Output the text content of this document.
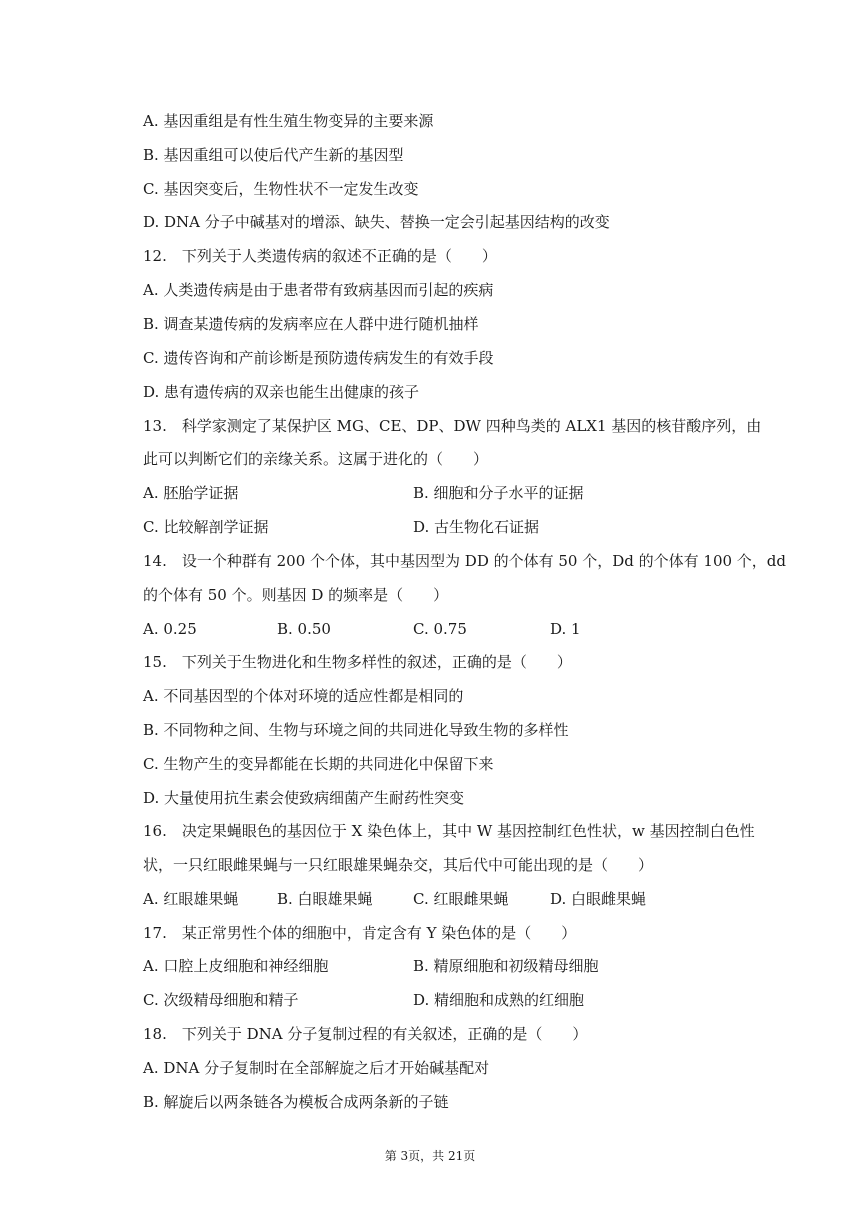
A. 基因重组是有性生殖生物变异的主要来源
B. 基因重组可以使后代产生新的基因型
C. 基因突变后，生物性状不一定发生改变
D. DNA 分子中碱基对的增添、缺失、替换一定会引起基因结构的改变
12.　下列关于人类遗传病的叙述不正确的是（　　）
A. 人类遗传病是由于患者带有致病基因而引起的疾病
B. 调查某遗传病的发病率应在人群中进行随机抽样
C. 遗传咨询和产前诊断是预防遗传病发生的有效手段
D. 患有遗传病的双亲也能生出健康的孩子
13.　科学家测定了某保护区 MG、CE、DP、DW 四种鸟类的 ALX1 基因的核苷酸序列，由
此可以判断它们的亲缘关系。这属于进化的（　　）
A. 胚胎学证据	B. 细胞和分子水平的证据
C. 比较解剖学证据	D. 古生物化石证据
14.　设一个种群有 200 个个体，其中基因型为 DD 的个体有 50 个，Dd 的个体有 100 个，dd
的个体有 50 个。则基因 D 的频率是（　　）
A. 0.25	B. 0.50	C. 0.75	D. 1
15.　下列关于生物进化和生物多样性的叙述，正确的是（　　）
A. 不同基因型的个体对环境的适应性都是相同的
B. 不同物种之间、生物与环境之间的共同进化导致生物的多样性
C. 生物产生的变异都能在长期的共同进化中保留下来
D. 大量使用抗生素会使致病细菌产生耐药性突变
16.　决定果蝇眼色的基因位于 X 染色体上，其中 W 基因控制红色性状，w 基因控制白色性
状，一只红眼雌果蝇与一只红眼雄果蝇杂交，其后代中可能出现的是（　　）
A. 红眼雄果蝇	B. 白眼雄果蝇	C. 红眼雌果蝇	D. 白眼雌果蝇
17.　某正常男性个体的细胞中，肯定含有 Y 染色体的是（　　）
A. 口腔上皮细胞和神经细胞	B. 精原细胞和初级精母细胞
C. 次级精母细胞和精子	D. 精细胞和成熟的红细胞
18.　下列关于 DNA 分子复制过程的有关叙述，正确的是（　　）
A. DNA 分子复制时在全部解旋之后才开始碱基配对
B. 解旋后以两条链各为模板合成两条新的子链
第 3页，共 21页
